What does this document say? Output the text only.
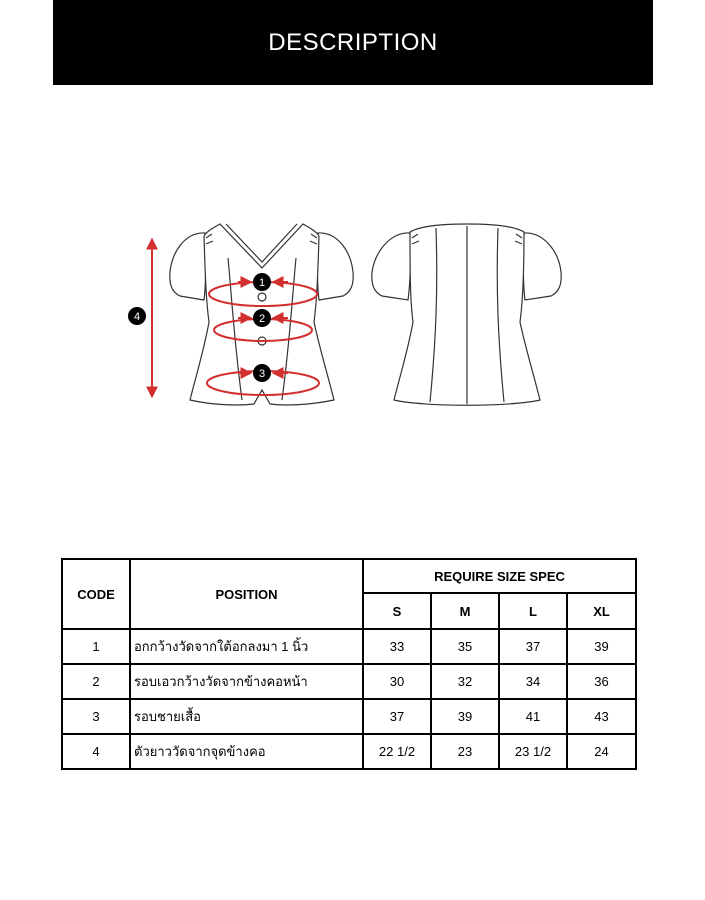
DESCRIPTION
1
2
3
4
CODE	POSITION	REQUIRE SIZE SPEC			
		S	M	L	XL
1	อกกว้างวัดจากใต้อกลงมา 1 นิ้ว	33	35	37	39
2	รอบเอวกว้างวัดจากข้างคอหน้า	30	32	34	36
3	รอบชายเสื้อ	37	39	41	43
4	ตัวยาววัดจากจุดข้างคอ	22 1/2	23	23 1/2	24
